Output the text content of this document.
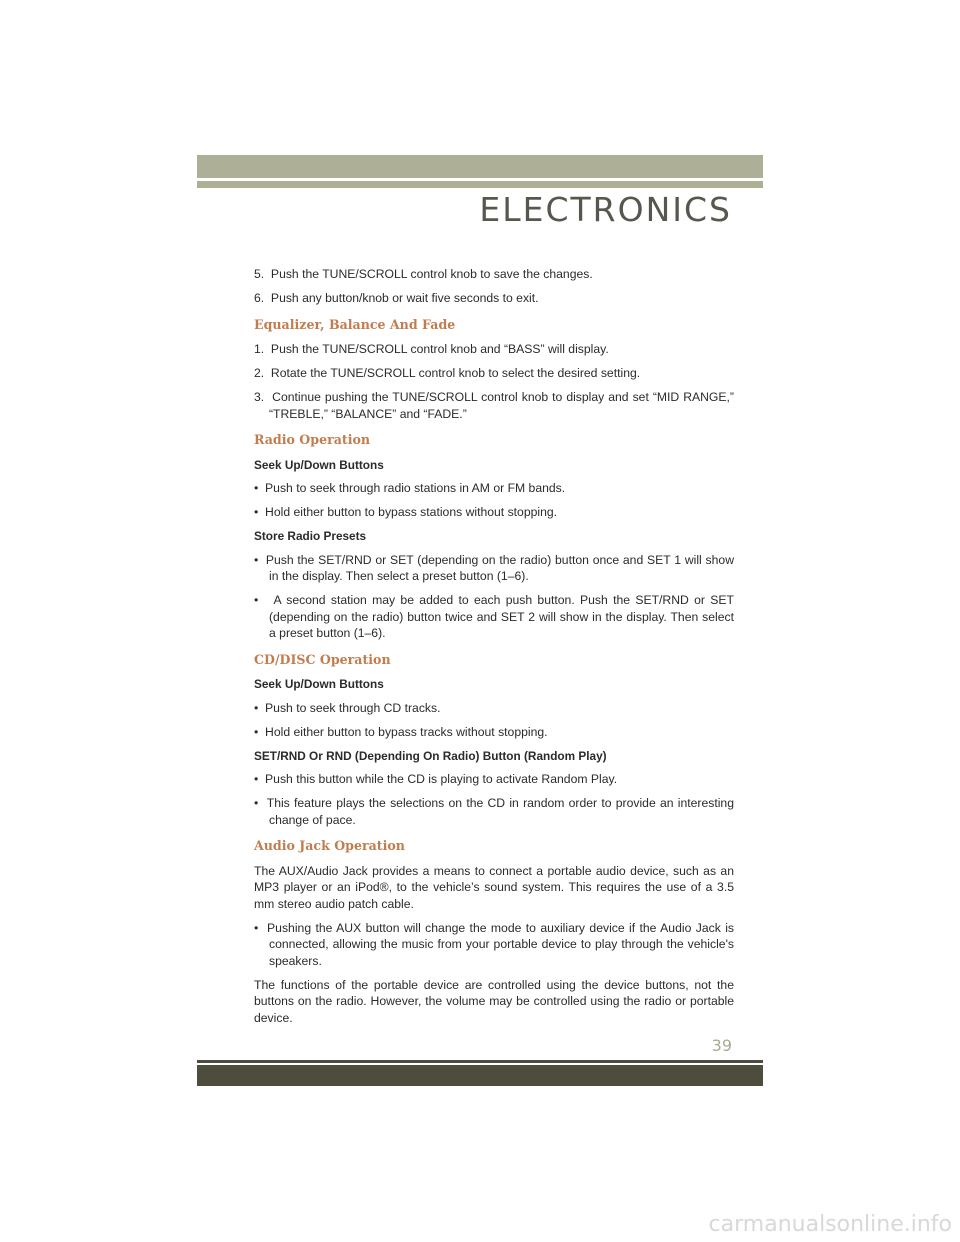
ELECTRONICS

5.  Push the TUNE/SCROLL control knob to save the changes.

6.  Push any button/knob or wait five seconds to exit.

Equalizer, Balance And Fade

1.  Push the TUNE/SCROLL control knob and “BASS” will display.

2.  Rotate the TUNE/SCROLL control knob to select the desired setting.

3.  Continue pushing the TUNE/SCROLL control knob to display and set “MID RANGE,” “TREBLE,” “BALANCE” and “FADE.”

Radio Operation
Seek Up/Down Buttons

•  Push to seek through radio stations in AM or FM bands.

•  Hold either button to bypass stations without stopping.

Store Radio Presets

•  Push the SET/RND or SET (depending on the radio) button once and SET 1 will show in the display. Then select a preset button (1–6).

•   A second station may be added to each push button. Push the SET/RND or SET (depending on the radio) button twice and SET 2 will show in the display. Then select a preset button (1–6).

CD/DISC Operation
Seek Up/Down Buttons

•  Push to seek through CD tracks.

•  Hold either button to bypass tracks without stopping.

SET/RND Or RND (Depending On Radio) Button (Random Play)

•  Push this button while the CD is playing to activate Random Play.

•  This feature plays the selections on the CD in random order to provide an interesting change of pace.

Audio Jack Operation

The AUX/Audio Jack provides a means to connect a portable audio device, such as an MP3 player or an iPod®, to the vehicle’s sound system. This requires the use of a 3.5 mm stereo audio patch cable.

•  Pushing the AUX button will change the mode to auxiliary device if the Audio Jack is connected, allowing the music from your portable device to play through the vehicle's speakers.

The functions of the portable device are controlled using the device buttons, not the buttons on the radio. However, the volume may be controlled using the radio or portable device.

39
carmanualsonline.info
